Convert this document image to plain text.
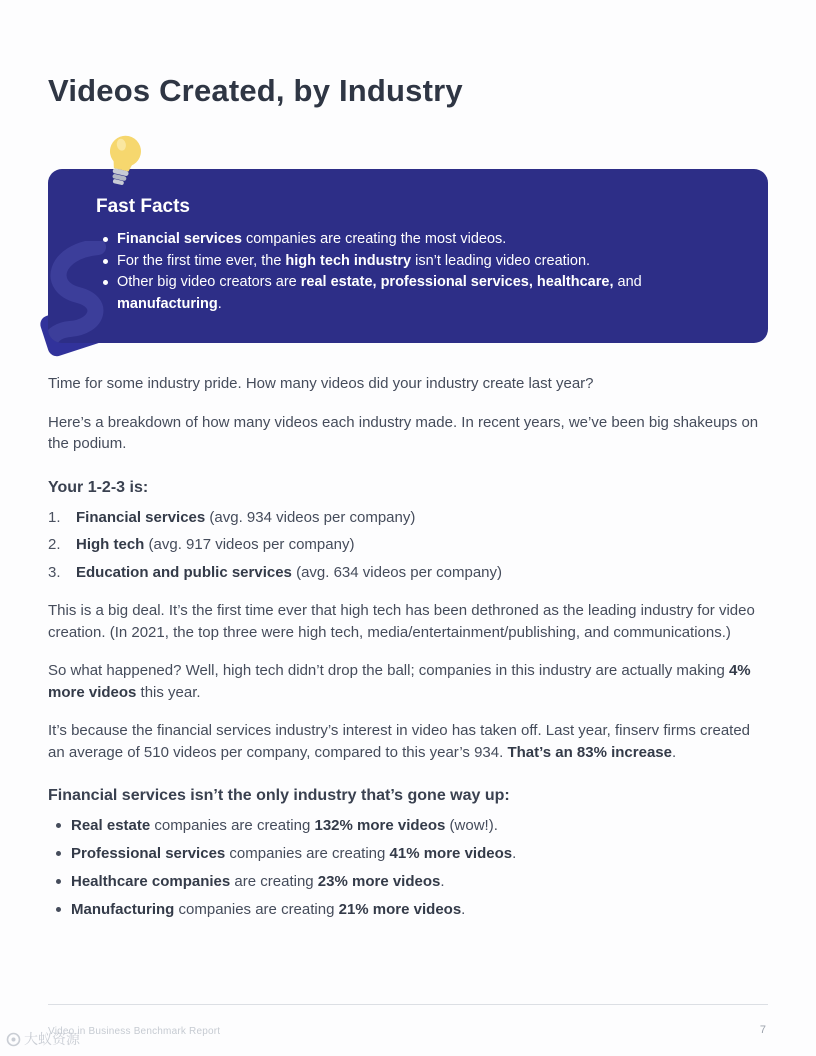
Videos Created, by Industry
Fast Facts
Financial services companies are creating the most videos.
For the first time ever, the high tech industry isn’t leading video creation.
Other big video creators are real estate, professional services, healthcare, and manufacturing.

Time for some industry pride. How many videos did your industry create last year?

Here’s a breakdown of how many videos each industry made. In recent years, we’ve been big shakeups on the podium.

Your 1-2-3 is:
1. Financial services (avg. 934 videos per company)
2. High tech (avg. 917 videos per company)
3. Education and public services (avg. 634 videos per company)

This is a big deal. It’s the first time ever that high tech has been dethroned as the leading industry for video creation. (In 2021, the top three were high tech, media/entertainment/publishing, and communications.)

So what happened? Well, high tech didn’t drop the ball; companies in this industry are actually making 4% more videos this year.

It’s because the financial services industry’s interest in video has taken off. Last year, finserv firms created an average of 510 videos per company, compared to this year’s 934. That’s an 83% increase.

Financial services isn’t the only industry that’s gone way up:
Real estate companies are creating 132% more videos (wow!).
Professional services companies are creating 41% more videos.
Healthcare companies are creating 23% more videos.
Manufacturing companies are creating 21% more videos.
Video in Business Benchmark Report	7
大蚁资源
